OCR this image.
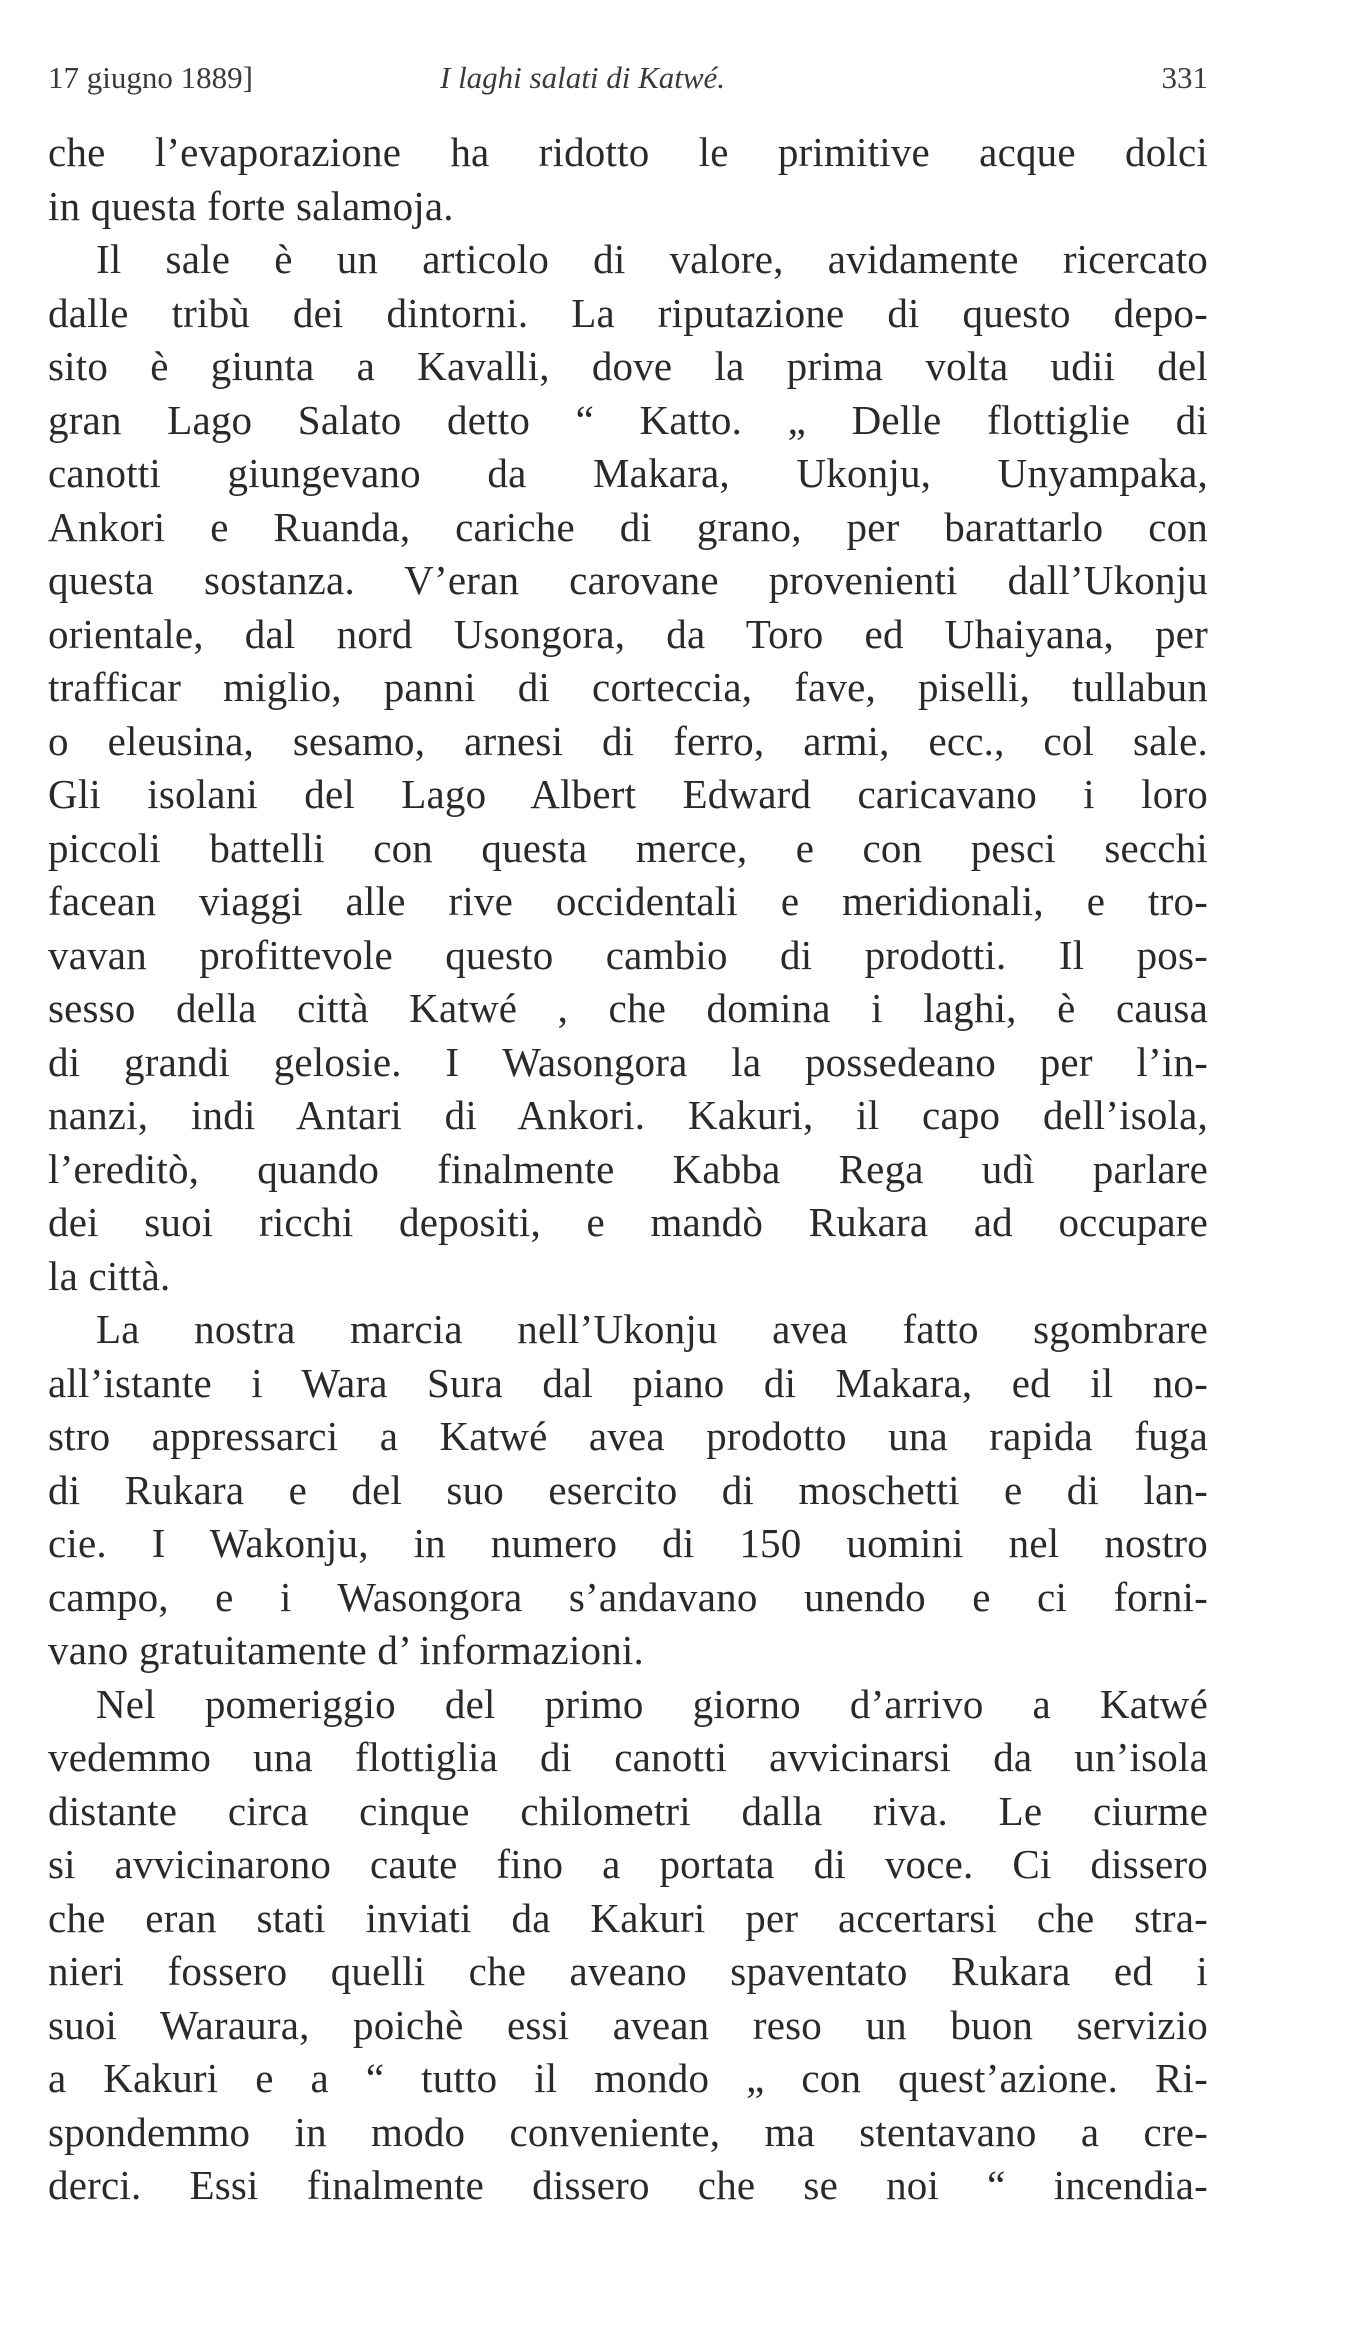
17 giugno 1889]	I laghi salati di Katwé.	331
che l’evaporazione ha ridotto le primitive acque dolci
in questa forte salamoja.
Il sale è un articolo di valore, avidamente ricercato
dalle tribù dei dintorni. La riputazione di questo depo-
sito è giunta a Kavalli, dove la prima volta udii del
gran Lago Salato detto “ Katto. „ Delle flottiglie di
canotti giungevano da Makara, Ukonju, Unyampaka,
Ankori e Ruanda, cariche di grano, per barattarlo con
questa sostanza. V’eran carovane provenienti dall’Ukonju
orientale, dal nord Usongora, da Toro ed Uhaiyana, per
trafficar miglio, panni di corteccia, fave, piselli, tullabun
o eleusina, sesamo, arnesi di ferro, armi, ecc., col sale.
Gli isolani del Lago Albert Edward caricavano i loro
piccoli battelli con questa merce, e con pesci secchi
facean viaggi alle rive occidentali e meridionali, e tro-
vavan profittevole questo cambio di prodotti. Il pos-
sesso della città Katwé , che domina i laghi, è causa
di grandi gelosie. I Wasongora la possedeano per l’in-
nanzi, indi Antari di Ankori. Kakuri, il capo dell’isola,
l’ereditò, quando finalmente Kabba Rega udì parlare
dei suoi ricchi depositi, e mandò Rukara ad occupare
la città.
La nostra marcia nell’Ukonju avea fatto sgombrare
all’istante i Wara Sura dal piano di Makara, ed il no-
stro appressarci a Katwé avea prodotto una rapida fuga
di Rukara e del suo esercito di moschetti e di lan-
cie. I Wakonju, in numero di 150 uomini nel nostro
campo, e i Wasongora s’andavano unendo e ci forni-
vano gratuitamente d’ informazioni.
Nel pomeriggio del primo giorno d’arrivo a Katwé
vedemmo una flottiglia di canotti avvicinarsi da un’isola
distante circa cinque chilometri dalla riva. Le ciurme
si avvicinarono caute fino a portata di voce. Ci dissero
che eran stati inviati da Kakuri per accertarsi che stra-
nieri fossero quelli che aveano spaventato Rukara ed i
suoi Waraura, poichè essi avean reso un buon servizio
a Kakuri e a “ tutto il mondo „ con quest’azione. Ri-
spondemmo in modo conveniente, ma stentavano a cre-
derci. Essi finalmente dissero che se noi “ incendia-
